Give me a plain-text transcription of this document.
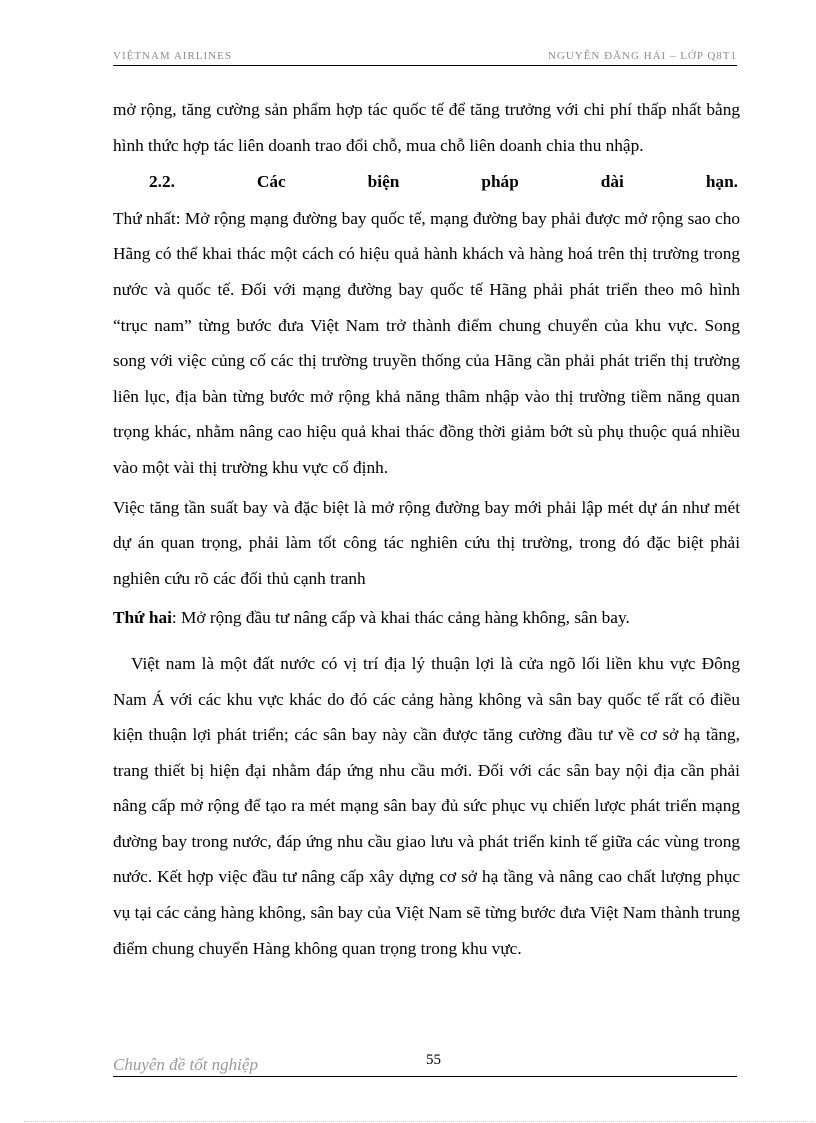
VIỆTNAM AIRLINES	NGUYỄN ĐĂNG HẢI – LỚP Q8T1

mở rộng, tăng cường sản phẩm hợp tác quốc tế để tăng trưởng với chi phí thấp nhất bằng hình thức hợp tác liên doanh trao đổi chỗ, mua chỗ liên doanh chia thu nhập.

2.2.	Các	biện	pháp	dài	hạn.

Thứ nhất: Mở rộng mạng đường bay quốc tế, mạng đường bay phải được mở rộng sao cho Hãng có thể khai thác một cách có hiệu quả hành khách và hàng hoá trên thị trường trong nước và quốc tế. Đối với mạng đường bay quốc tế Hãng phải phát triển theo mô hình “trục nam” từng bước đưa Việt Nam trở thành điểm chung chuyển của khu vực. Song song với việc củng cố các thị trường truyền thống của Hãng cần phải phát triển thị trường liên lục, địa bàn từng bước mở rộng khả năng thâm nhập vào thị trường tiềm năng quan trọng khác, nhằm nâng cao hiệu quả khai thác đồng thời giảm bớt sù phụ thuộc quá nhiều vào một vài thị trường khu vực cố định.

Việc tăng tần suất bay và đặc biệt là mở rộng đường bay mới phải lập mét dự án như mét dự án quan trọng, phải làm tốt công tác nghiên cứu thị trường, trong đó đặc biệt phải nghiên cứu rõ các đối thủ cạnh tranh

Thứ hai: Mở rộng đầu tư nâng cấp và khai thác cảng hàng không, sân bay.

Việt nam là một đất nước có vị trí địa lý thuận lợi là cửa ngõ lối liền khu vực Đông Nam Á với các khu vực khác do đó các cảng hàng không và sân bay quốc tế rất có điều kiện thuận lợi phát triển; các sân bay này cần được tăng cường đầu tư về cơ sở hạ tầng, trang thiết bị hiện đại nhằm đáp ứng nhu cầu mới. Đối với các sân bay nội địa cần phải nâng cấp mở rộng để tạo ra mét mạng sân bay đủ sức phục vụ chiến lược phát triển mạng đường bay trong nước, đáp ứng nhu cầu giao lưu và phát triển kinh tế giữa các vùng trong nước. Kết hợp việc đầu tư nâng cấp xây dựng cơ sở hạ tầng và nâng cao chất lượng phục vụ tại các cảng hàng không, sân bay của Việt Nam sẽ từng bước đưa Việt Nam thành trung điểm chung chuyển Hàng không quan trọng trong khu vực.

Chuyên đề tốt nghiệp	55
